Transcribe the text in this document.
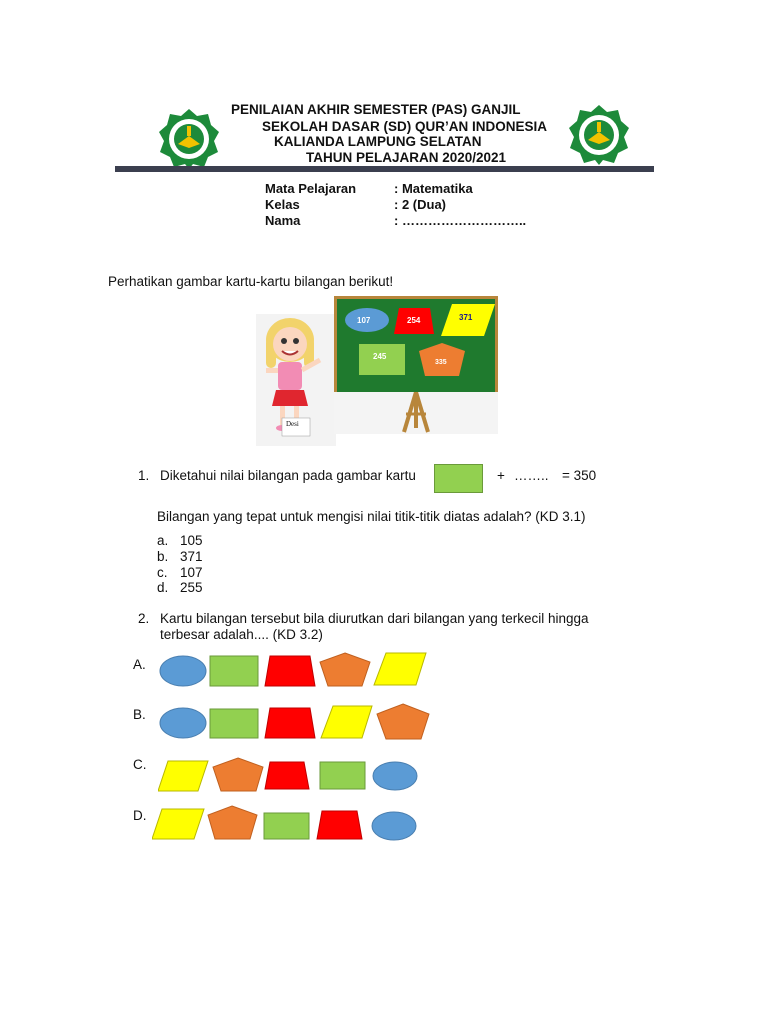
PENILAIAN AKHIR SEMESTER (PAS) GANJIL
SEKOLAH DASAR (SD) QUR’AN INDONESIA
KALIANDA LAMPUNG SELATAN
TAHUN PELAJARAN 2020/2021
Mata Pelajaran	: Matematika
Kelas	: 2 (Dua)
Nama	: ………………………..
Perhatikan gambar kartu-kartu bilangan berikut!
Desi
107	254	371
245
335
1. Diketahui nilai bilangan pada gambar kartu	+ …….. = 350
Bilangan yang tepat untuk mengisi nilai titik-titik diatas adalah? (KD 3.1)
a. 105
b. 371
c. 107
d. 255
2. Kartu bilangan tersebut bila diurutkan dari bilangan yang terkecil hingga
terbesar adalah.... (KD 3.2)
A.
B.
C.
D.
